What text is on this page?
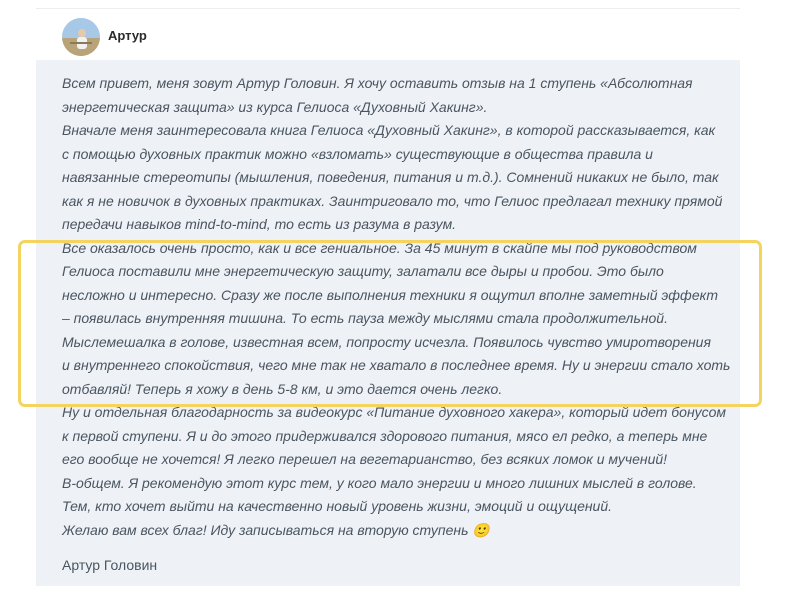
Артур
Всем привет, меня зовут Артур Головин. Я хочу оставить отзыв на 1 ступень «Абсолютная
энергетическая защита» из курса Гелиоса «Духовный Хакинг».
Вначале меня заинтересовала книга Гелиоса «Духовный Хакинг», в которой рассказывается, как
с помощью духовных практик можно «взломать» существующие в общества правила и
навязанные стереотипы (мышления, поведения, питания и т.д.). Сомнений никаких не было, так
как я не новичок в духовных практиках. Заинтриговало то, что Гелиос предлагал технику прямой
передачи навыков mind-to-mind, то есть из разума в разум.
Все оказалось очень просто, как и все гениальное. За 45 минут в скайпе мы под руководством
Гелиоса поставили мне энергетическую защиту, залатали все дыры и пробои. Это было
несложно и интересно. Сразу же после выполнения техники я ощутил вполне заметный эффект
– появилась внутренняя тишина. То есть пауза между мыслями стала продолжительной.
Мыслемешалка в голове, известная всем, попросту исчезла. Появилось чувство умиротворения
и внутреннего спокойствия, чего мне так не хватало в последнее время. Ну и энергии стало хоть
отбавляй! Теперь я хожу в день 5-8 км, и это дается очень легко.
Ну и отдельная благодарность за видеокурс «Питание духовного хакера», который идет бонусом
к первой ступени. Я и до этого придерживался здорового питания, мясо ел редко, а теперь мне
его вообще не хочется! Я легко перешел на вегетарианство, без всяких ломок и мучений!
В-общем. Я рекомендую этот курс тем, у кого мало энергии и много лишних мыслей в голове.
Тем, кто хочет выйти на качественно новый уровень жизни, эмоций и ощущений.
Желаю вам всех благ! Иду записываться на вторую ступень 🙂
Артур Головин
